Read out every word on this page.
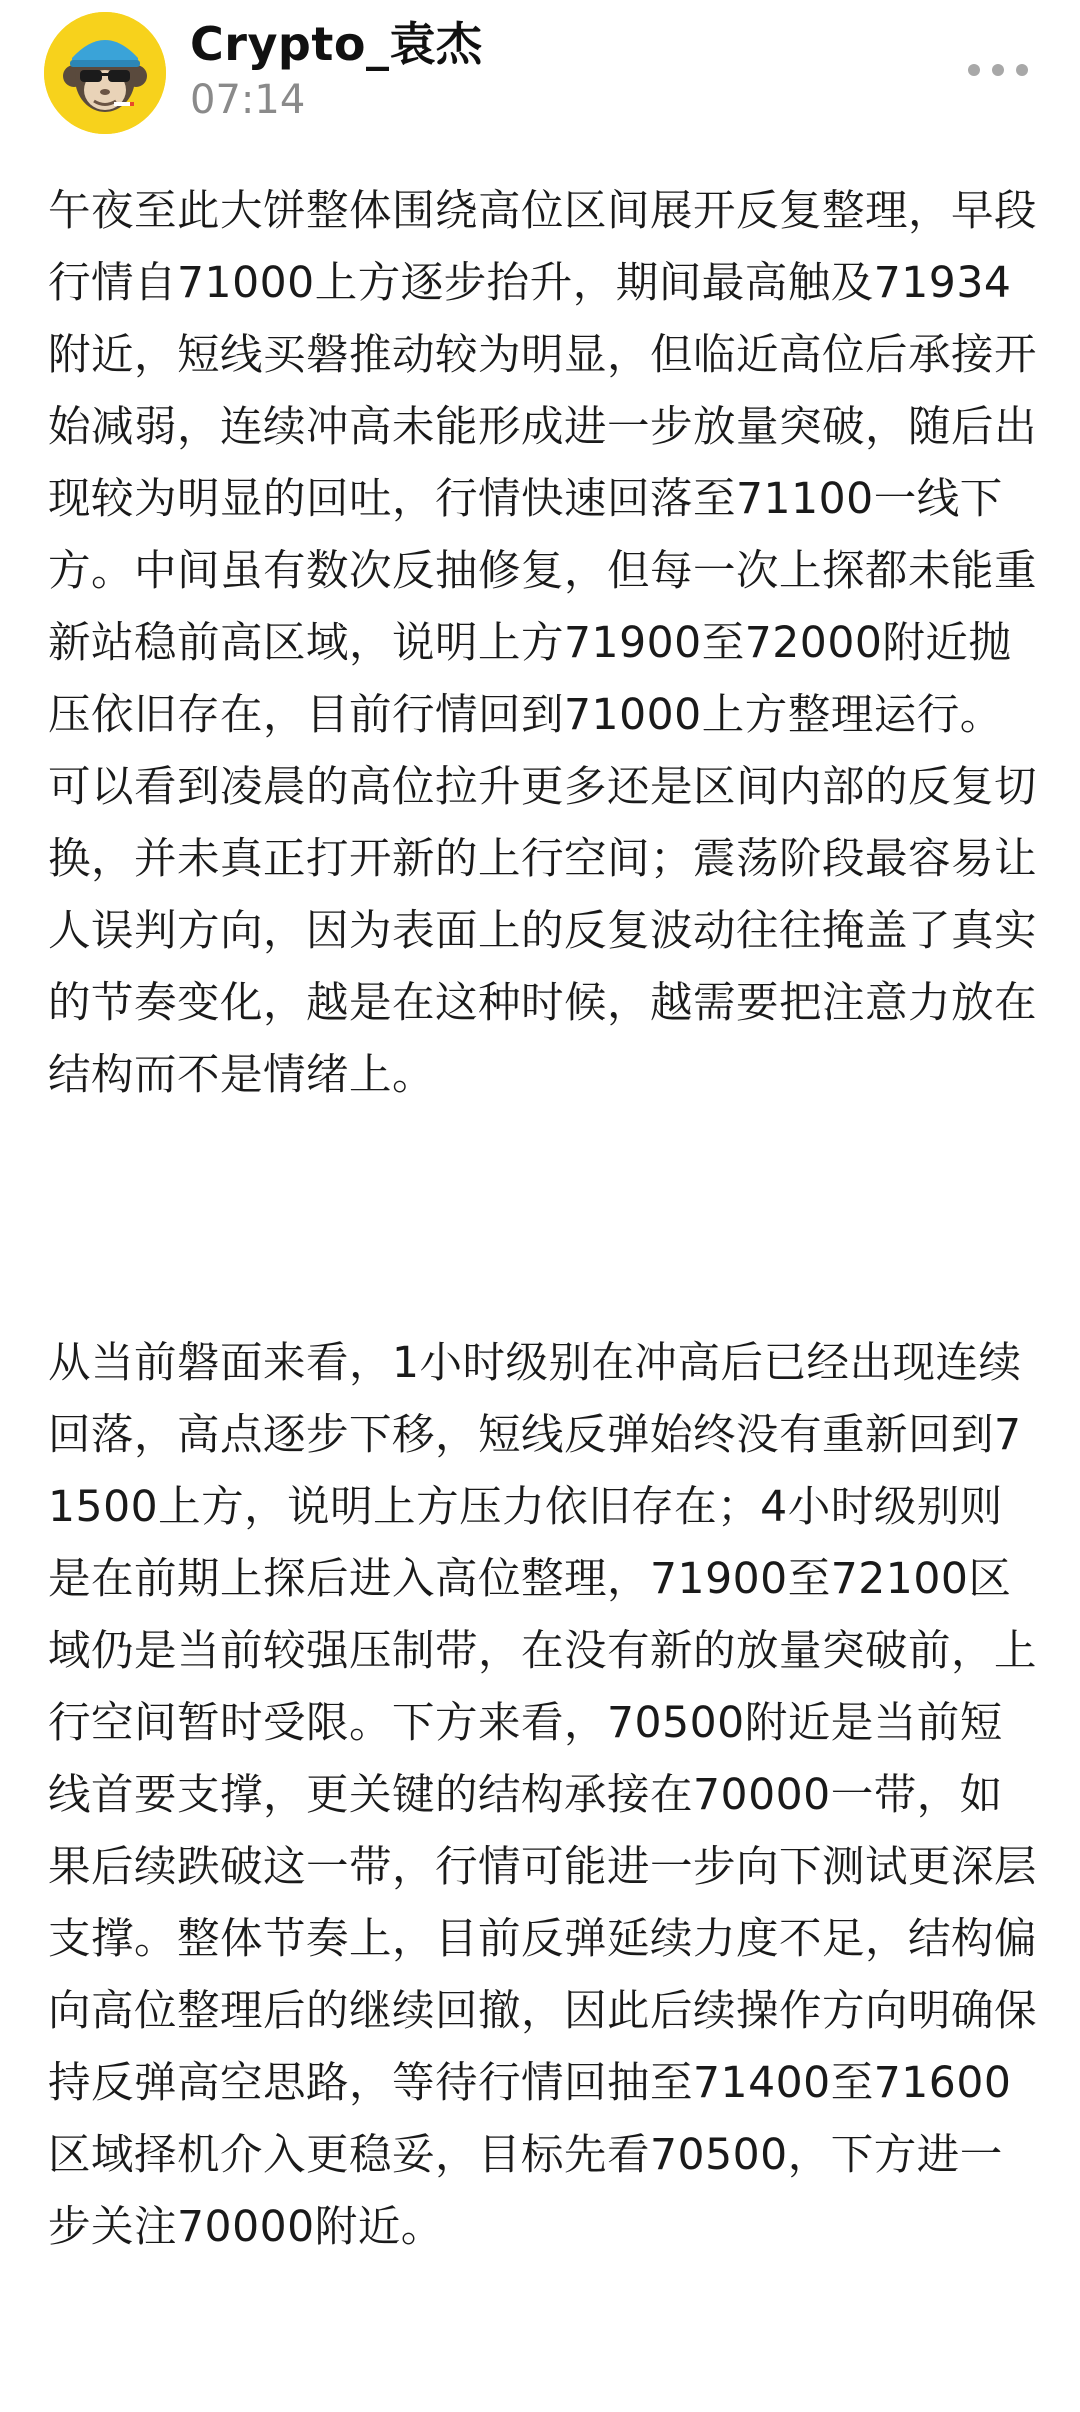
Crypto_袁杰
07:14

午夜至此大饼整体围绕高位区间展开反复整理，早段行情自71000上方逐步抬升，期间最高触及71934附近，短线买磐推动较为明显，但临近高位后承接开始减弱，连续冲高未能形成进一步放量突破，随后出现较为明显的回吐，行情快速回落至71100一线下方。中间虽有数次反抽修复，但每一次上探都未能重新站稳前高区域，说明上方71900至72000附近抛压依旧存在，目前行情回到71000上方整理运行。可以看到凌晨的高位拉升更多还是区间内部的反复切换，并未真正打开新的上行空间；震荡阶段最容易让人误判方向，因为表面上的反复波动往往掩盖了真实的节奏变化，越是在这种时候，越需要把注意力放在结构而不是情绪上。

从当前磐面来看，1小时级别在冲高后已经出现连续回落，高点逐步下移，短线反弹始终没有重新回到71500上方，说明上方压力依旧存在；4小时级别则是在前期上探后进入高位整理，71900至72100区域仍是当前较强压制带，在没有新的放量突破前，上行空间暂时受限。下方来看，70500附近是当前短线首要支撑，更关键的结构承接在70000一带，如果后续跌破这一带，行情可能进一步向下测试更深层支撑。整体节奏上，目前反弹延续力度不足，结构偏向高位整理后的继续回撤，因此后续操作方向明确保持反弹高空思路，等待行情回抽至71400至71600区域择机介入更稳妥，目标先看70500，下方进一步关注70000附近。
